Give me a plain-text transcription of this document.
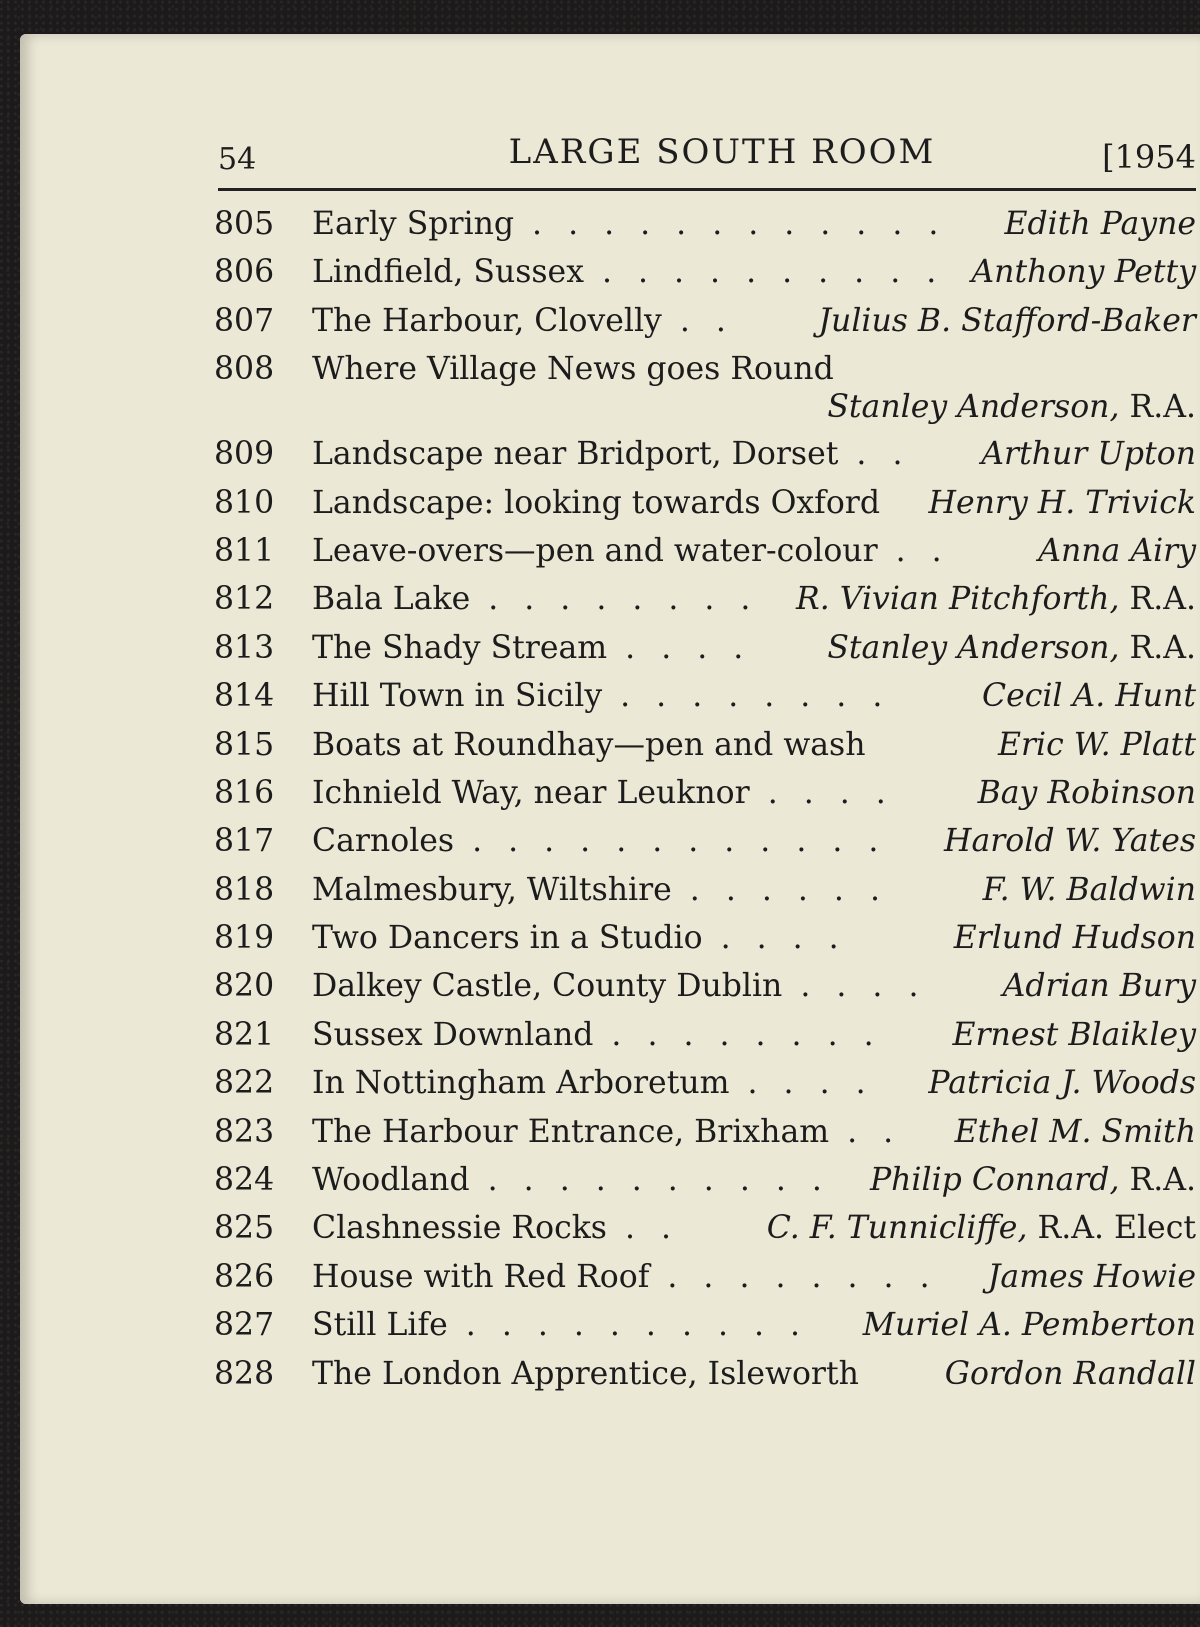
54	LARGE SOUTH ROOM	[1954
805	Early Spring . . . . . . . . . . . . Edith Payne
806	Lindfield, Sussex . . . . . . . . . . Anthony Petty
807	The Harbour, Clovelly . .	Julius B. Stafford-Baker
808	Where Village News goes Round
Stanley Anderson, R.A.
809	Landscape near Bridport, Dorset . . Arthur Upton
810	Landscape: looking towards Oxford Henry H. Trivick
811	Leave-overs—pen and water-colour . .	Anna Airy
812	Bala Lake . . . . . . . . R. Vivian Pitchforth, R.A.
813	The Shady Stream . . . . Stanley Anderson, R.A.
814	Hill Town in Sicily . . . . . . . .	Cecil A. Hunt
815	Boats at Roundhay—pen and wash	Eric W. Platt
816	Ichnield Way, near Leuknor . . . .	Bay Robinson
817	Carnoles . . . . . . . . . . . . Harold W. Yates
818	Malmesbury, Wiltshire . . . . . .	F. W. Baldwin
819	Two Dancers in a Studio . . . .	Erlund Hudson
820	Dalkey Castle, County Dublin . . . . Adrian Bury
821	Sussex Downland . . . . . . . . Ernest Blaikley
822	In Nottingham Arboretum . . . . Patricia J. Woods
823	The Harbour Entrance, Brixham . . Ethel M. Smith
824	Woodland . . . . . . . . . . Philip Connard, R.A.
825	Clashnessie Rocks . .	C. F. Tunnicliffe, R.A. Elect
826	House with Red Roof . . . . . . . . James Howie
827	Still Life . . . . . . . . . . Muriel A. Pemberton
828	The London Apprentice, Isleworth	Gordon Randall
